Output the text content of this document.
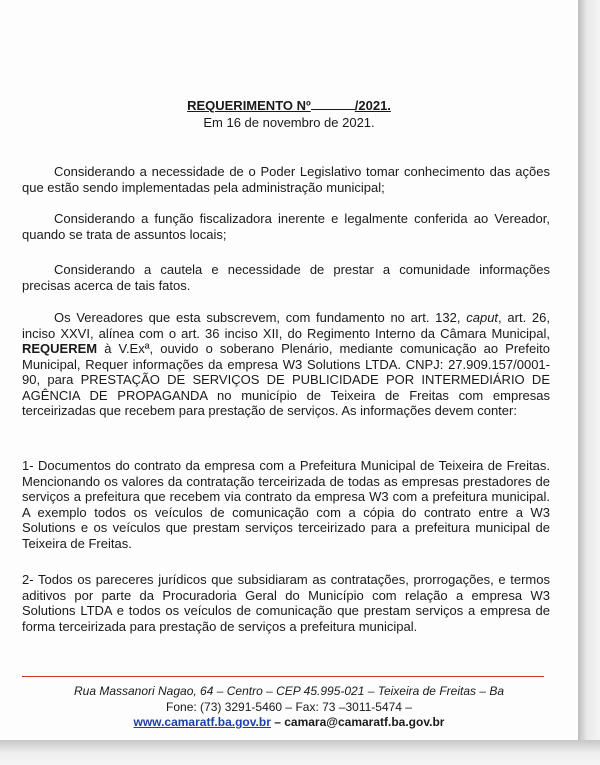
REQUERIMENTO Nº	/2021.
Em 16 de novembro de 2021.

Considerando a necessidade de o Poder Legislativo tomar conhecimento das ações que estão sendo implementadas pela administração municipal;

Considerando a função fiscalizadora inerente e legalmente conferida ao Vereador, quando se trata de assuntos locais;

Considerando a cautela e necessidade de prestar a comunidade informações precisas acerca de tais fatos.

Os Vereadores que esta subscrevem, com fundamento no art. 132, caput, art. 26, inciso XXVI, alínea com o art. 36 inciso XII, do Regimento Interno da Câmara Municipal, REQUEREM à V.Exª, ouvido o soberano Plenário, mediante comunicação ao Prefeito Municipal, Requer informações da empresa W3 Solutions LTDA. CNPJ: 27.909.157/0001-90, para PRESTAÇÃO DE SERVIÇOS DE PUBLICIDADE POR INTERMEDIÁRIO DE AGÊNCIA DE PROPAGANDA no município de Teixeira de Freitas com empresas terceirizadas que recebem para prestação de serviços. As informações devem conter:

1- Documentos do contrato da empresa com a Prefeitura Municipal de Teixeira de Freitas. Mencionando os valores da contratação terceirizada de todas as empresas prestadores de serviços a prefeitura que recebem via contrato da empresa W3 com a prefeitura municipal. A exemplo todos os veículos de comunicação com a cópia do contrato entre a W3 Solutions e os veículos que prestam serviços terceirizado para a prefeitura municipal de Teixeira de Freitas.

2- Todos os pareceres jurídicos que subsidiaram as contratações, prorrogações, e termos aditivos por parte da Procuradoria Geral do Município com relação a empresa W3 Solutions LTDA e todos os veículos de comunicação que prestam serviços a empresa de forma terceirizada para prestação de serviços a prefeitura municipal.

Rua Massanori Nagao, 64 – Centro – CEP 45.995-021 – Teixeira de Freitas – Ba
Fone: (73) 3291-5460 – Fax: 73 –3011-5474 –
www.camaratf.ba.gov.br – camara@camaratf.ba.gov.br
